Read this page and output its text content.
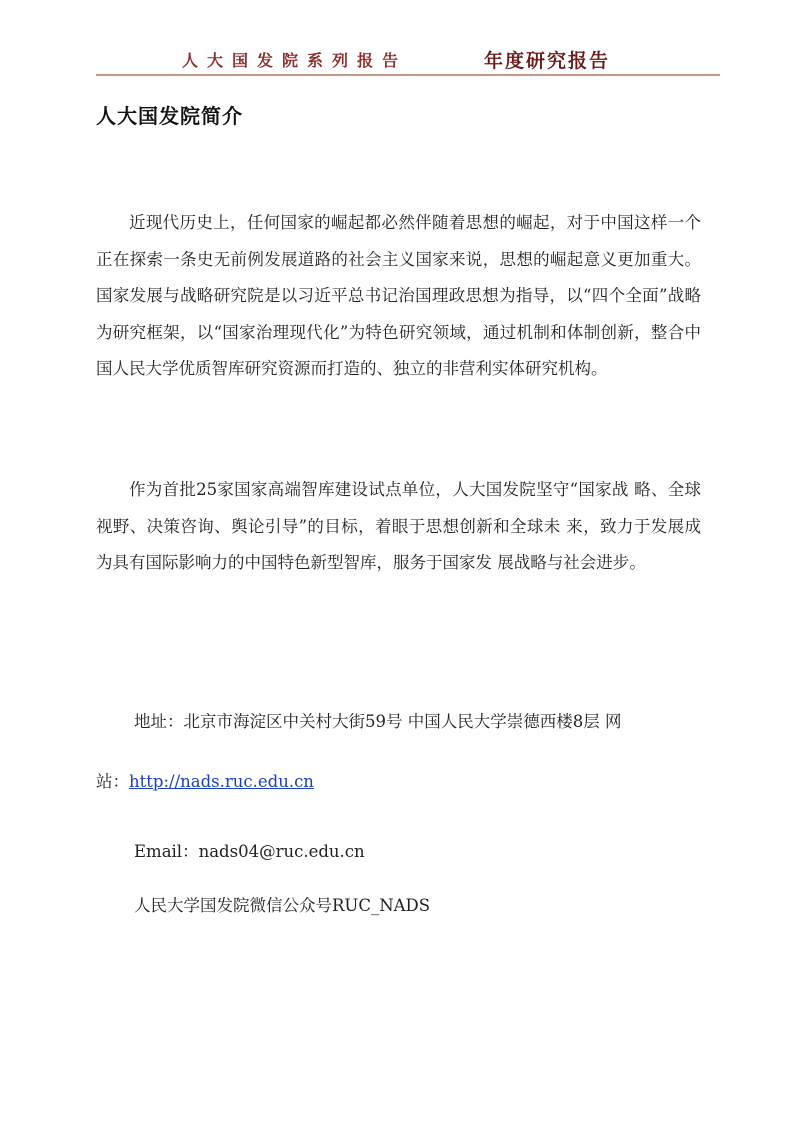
人大国发院系列报告	年度研究报告
人大国发院简介

近现代历史上，任何国家的崛起都必然伴随着思想的崛起，对于中国这样一个正在探索一条史无前例发展道路的社会主义国家来说，思想的崛起意义更加重大。国家发展与战略研究院是以习近平总书记治国理政思想为指导，以“四个全面”战略为研究框架，以“国家治理现代化”为特色研究领域，通过机制和体制创新，整合中国人民大学优质智库研究资源而打造的、独立的非营利实体研究机构。

作为首批25家国家高端智库建设试点单位，人大国发院坚守“国家战 略、全球视野、决策咨询、舆论引导”的目标，着眼于思想创新和全球未 来，致力于发展成为具有国际影响力的中国特色新型智库，服务于国家发 展战略与社会进步。

地址：北京市海淀区中关村大街59号 中国人民大学崇德西楼8层 网

站：http://nads.ruc.edu.cn

Email：nads04@ruc.edu.cn

人民大学国发院微信公众号RUC_NADS
